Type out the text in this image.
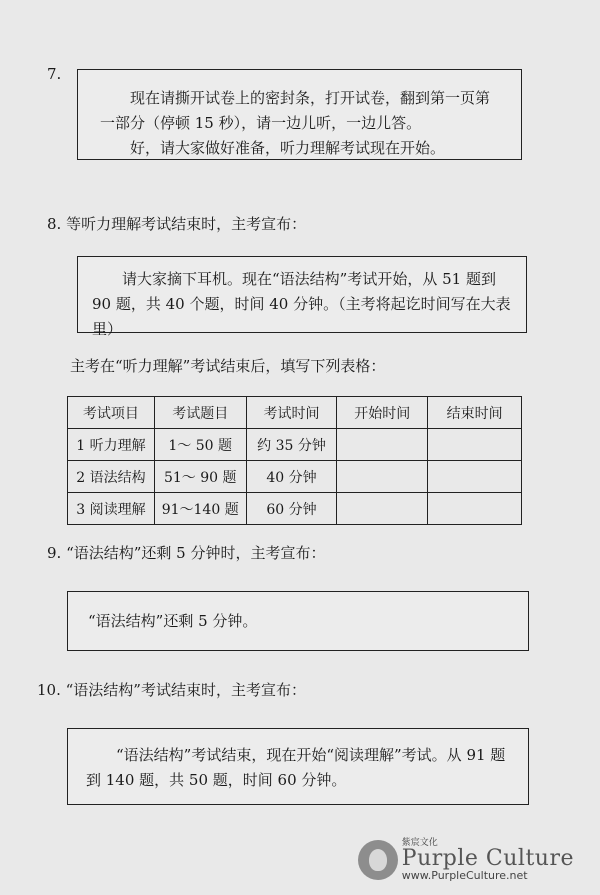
7.

现在请撕开试卷上的密封条，打开试卷，翻到第一页第一部分（停顿 15 秒），请一边儿听，一边儿答。

好，请大家做好准备，听力理解考试现在开始。

8. 等听力理解考试结束时，主考宣布：

请大家摘下耳机。现在“语法结构”考试开始，从 51 题到 90 题，共 40 个题，时间 40 分钟。（主考将起讫时间写在大表里）

主考在“听力理解”考试结束后，填写下列表格：
考试项目	考试题目	考试时间	开始时间	结束时间
1 听力理解	1～ 50 题	约 35 分钟		
2 语法结构	51～ 90 题	40 分钟		
3 阅读理解	91～140 题	60 分钟		
9. “语法结构”还剩 5 分钟时，主考宣布：

“语法结构”还剩 5 分钟。

10. “语法结构”考试结束时，主考宣布：

“语法结构”考试结束，现在开始“阅读理解”考试。从 91 题到 140 题，共 50 题，时间 60 分钟。

紫宸文化
Purple Culture
www.PurpleCulture.net
